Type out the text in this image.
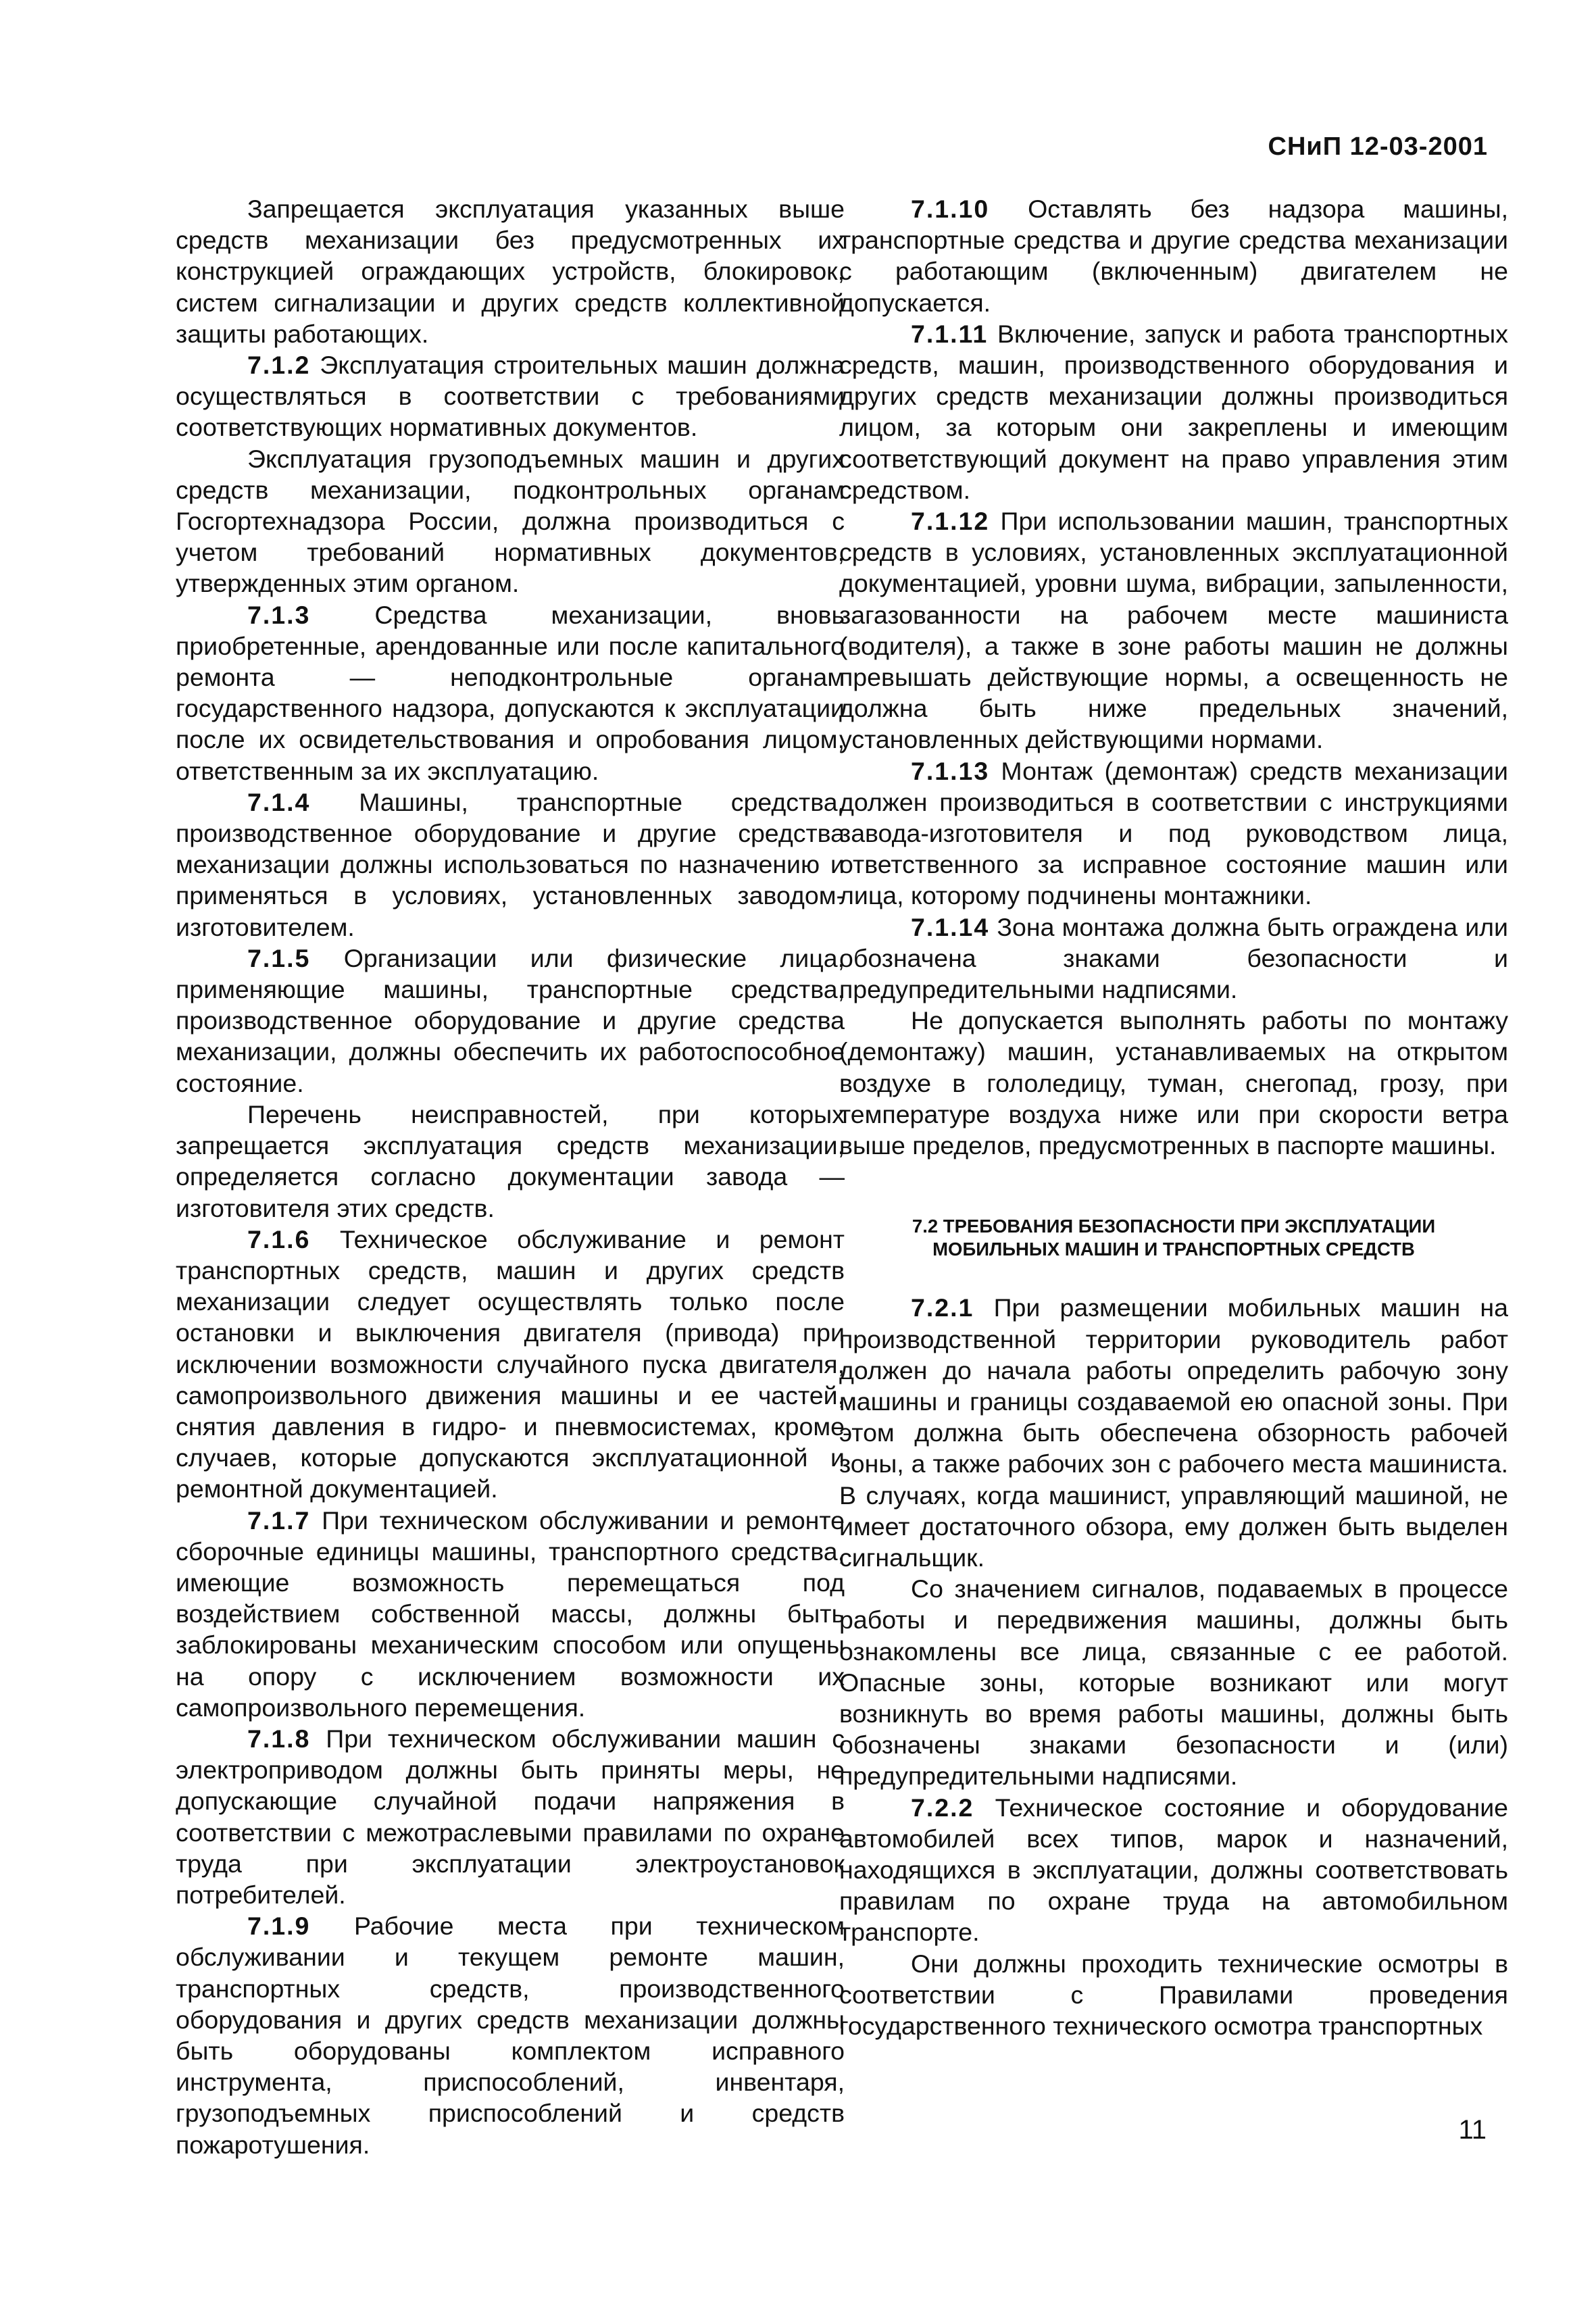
СНиП 12-03-2001

Запрещается эксплуатация указанных выше средств механизации без предусмотренных их конструкцией ограждающих устройств, блокировок, систем сигнализации и других средств коллективной защиты работающих.

7.1.2 Эксплуатация строительных машин должна осуществляться в соответствии с требованиями соответствующих нормативных документов.

Эксплуатация грузоподъемных машин и других средств механизации, подконтрольных органам Госгортехнадзора России, должна производиться с учетом требований нормативных документов, утвержденных этим органом.

7.1.3 Средства механизации, вновь приобретенные, арендованные или после капитального ремонта — неподконтрольные органам государственного надзора, допускаются к эксплуатации после их освидетельствования и опробования лицом, ответственным за их эксплуатацию.

7.1.4 Машины, транспортные средства, производственное оборудование и другие средства механизации должны использоваться по назначению и применяться в условиях, установленных заводом-изготовителем.

7.1.5 Организации или физические лица, применяющие машины, транспортные средства, производственное оборудование и другие средства механизации, должны обеспечить их работоспособное состояние.

Перечень неисправностей, при которых запрещается эксплуатация средств механизации, определяется согласно документации завода — изготовителя этих средств.

7.1.6 Техническое обслуживание и ремонт транспортных средств, машин и других средств механизации следует осуществлять только после остановки и выключения двигателя (привода) при исключении возможности случайного пуска двигателя, самопроизвольного движения машины и ее частей, снятия давления в гидро- и пневмосистемах, кроме случаев, которые допускаются эксплуатационной и ремонтной документацией.

7.1.7 При техническом обслуживании и ремонте сборочные единицы машины, транспортного средства, имеющие возможность перемещаться под воздействием собственной массы, должны быть заблокированы механическим способом или опущены на опору с исключением возможности их самопроизвольного перемещения.

7.1.8 При техническом обслуживании машин с электроприводом должны быть приняты меры, не допускающие случайной подачи напряжения в соответствии с межотраслевыми правилами по охране труда при эксплуатации электроустановок потребителей.

7.1.9 Рабочие места при техническом обслуживании и текущем ремонте машин, транспортных средств, производственного оборудования и других средств механизации должны быть оборудованы комплектом исправного инструмента, приспособлений, инвентаря, грузоподъемных приспособлений и средств пожаротушения.

7.1.10 Оставлять без надзора машины, транспортные средства и другие средства механизации с работающим (включенным) двигателем не допускается.

7.1.11 Включение, запуск и работа транспортных средств, машин, производственного оборудования и других средств механизации должны производиться лицом, за которым они закреплены и имеющим соответствующий документ на право управления этим средством.

7.1.12 При использовании машин, транспортных средств в условиях, установленных эксплуатационной документацией, уровни шума, вибрации, запыленности, загазованности на рабочем месте машиниста (водителя), а также в зоне работы машин не должны превышать действующие нормы, а освещенность не должна быть ниже предельных значений, установленных действующими нормами.

7.1.13 Монтаж (демонтаж) средств механизации должен производиться в соответствии с инструкциями завода-изготовителя и под руководством лица, ответственного за исправное состояние машин или лица, которому подчинены монтажники.

7.1.14 Зона монтажа должна быть ограждена или обозначена знаками безопасности и предупредительными надписями.

Не допускается выполнять работы по монтажу (демонтажу) машин, устанавливаемых на открытом воздухе в гололедицу, туман, снегопад, грозу, при температуре воздуха ниже или при скорости ветра выше пределов, предусмотренных в паспорте машины.

7.2 ТРЕБОВАНИЯ БЕЗОПАСНОСТИ ПРИ ЭКСПЛУАТАЦИИ
МОБИЛЬНЫХ МАШИН И ТРАНСПОРТНЫХ СРЕДСТВ

7.2.1 При размещении мобильных машин на производственной территории руководитель работ должен до начала работы определить рабочую зону машины и границы создаваемой ею опасной зоны. При этом должна быть обеспечена обзорность рабочей зоны, а также рабочих зон с рабочего места машиниста. В случаях, когда машинист, управляющий машиной, не имеет достаточного обзора, ему должен быть выделен сигнальщик.

Со значением сигналов, подаваемых в процессе работы и передвижения машины, должны быть ознакомлены все лица, связанные с ее работой. Опасные зоны, которые возникают или могут возникнуть во время работы машины, должны быть обозначены знаками безопасности и (или) предупредительными надписями.

7.2.2 Техническое состояние и оборудование автомобилей всех типов, марок и назначений, находящихся в эксплуатации, должны соответствовать правилам по охране труда на автомобильном транспорте.

Они должны проходить технические осмотры в соответствии с Правилами проведения государственного технического осмотра транспортных

11
